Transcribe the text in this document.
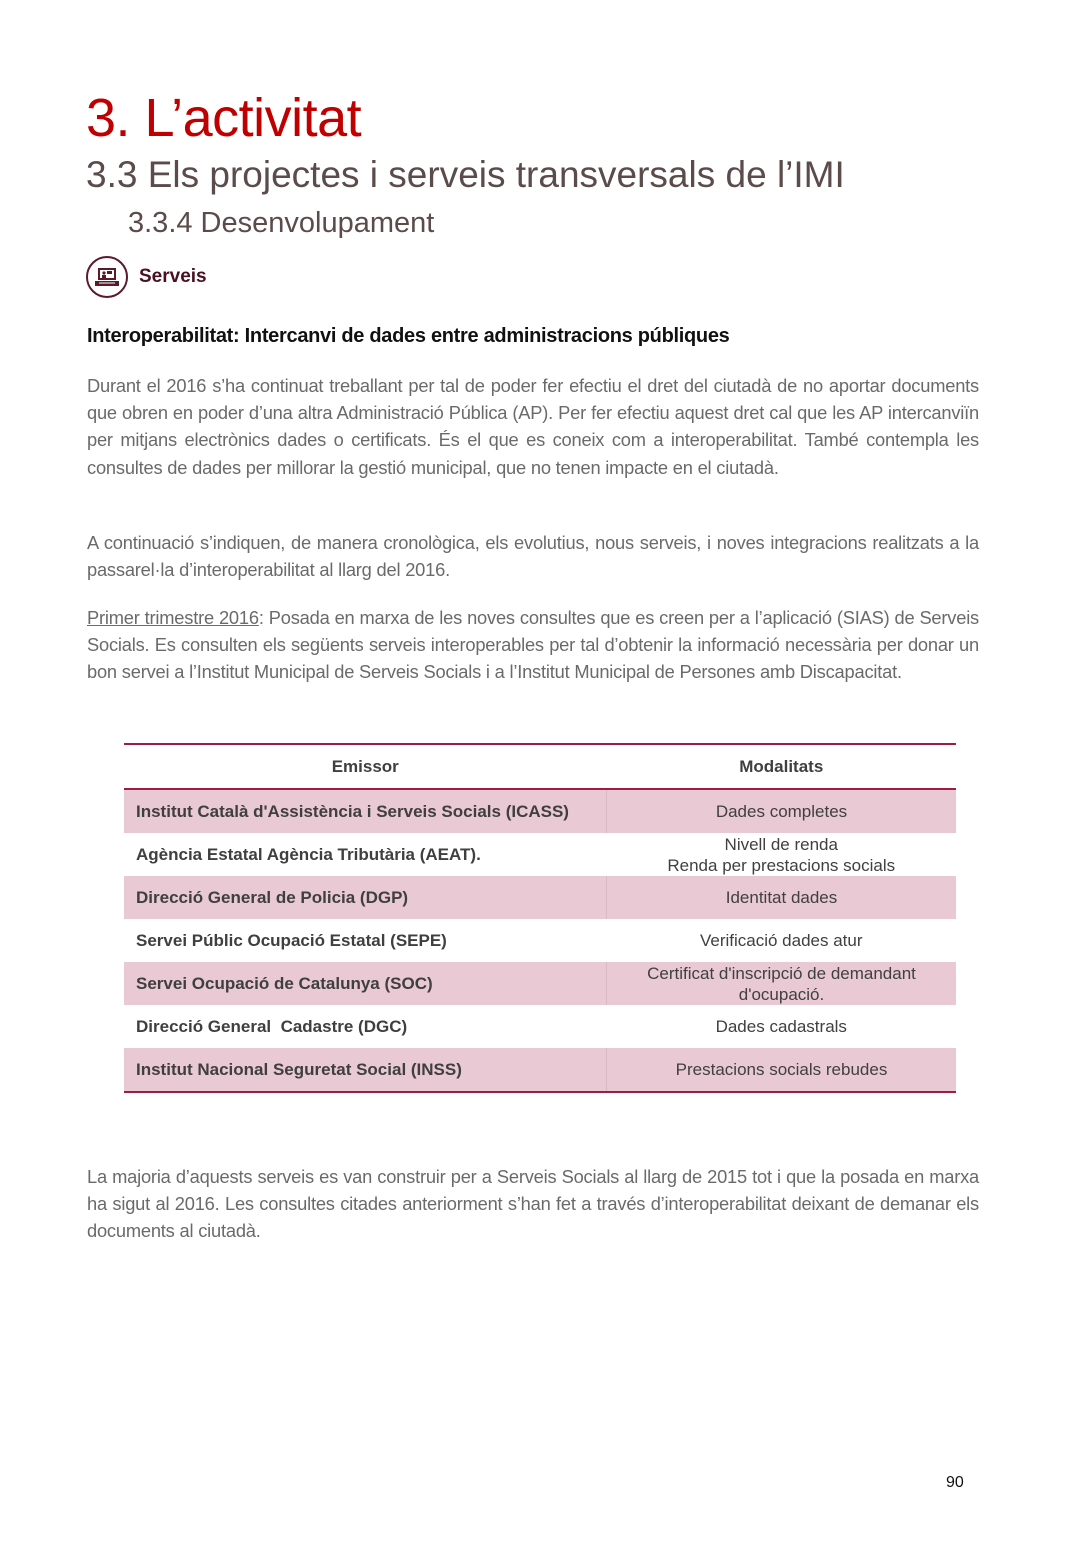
3. L’activitat
3.3 Els projectes i serveis transversals de l’IMI
3.3.4 Desenvolupament
Serveis
Interoperabilitat: Intercanvi de dades entre administracions públiques

Durant el 2016 s’ha continuat treballant per tal de poder fer efectiu el dret del ciutadà de no aportar documents que obren en poder d’una altra Administració Pública (AP). Per fer efectiu aquest dret cal que les AP intercanviïn per mitjans electrònics dades o certificats. És el que es coneix com a interoperabilitat. També contempla les consultes de dades per millorar la gestió municipal, que no tenen impacte en el ciutadà.

A continuació s’indiquen, de manera cronològica, els evolutius, nous serveis, i noves integracions realitzats a la passarel·la d’interoperabilitat al llarg del 2016.

Primer trimestre 2016: Posada en marxa de les noves consultes que es creen per a l’aplicació (SIAS) de Serveis Socials. Es consulten els següents serveis interoperables per tal d’obtenir la informació necessària per donar un bon servei a l’Institut Municipal de Serveis Socials i a l’Institut Municipal de Persones amb Discapacitat.

Emissor	Modalitats
Institut Català d'Assistència i Serveis Socials (ICASS)	Dades completes
Agència Estatal Agència Tributària (AEAT).	Nivell de renda
Renda per prestacions socials
Direcció General de Policia (DGP)	Identitat dades
Servei Públic Ocupació Estatal (SEPE)	Verificació dades atur
Servei Ocupació de Catalunya (SOC)	Certificat d'inscripció de demandant
d'ocupació.
Direcció General  Cadastre (DGC)	Dades cadastrals
Institut Nacional Seguretat Social (INSS)	Prestacions socials rebudes

La majoria d’aquests serveis es van construir per a Serveis Socials al llarg de 2015 tot i que la posada en marxa ha sigut al 2016. Les consultes citades anteriorment s’han fet a través d’interoperabilitat deixant de demanar els documents al ciutadà.

90
